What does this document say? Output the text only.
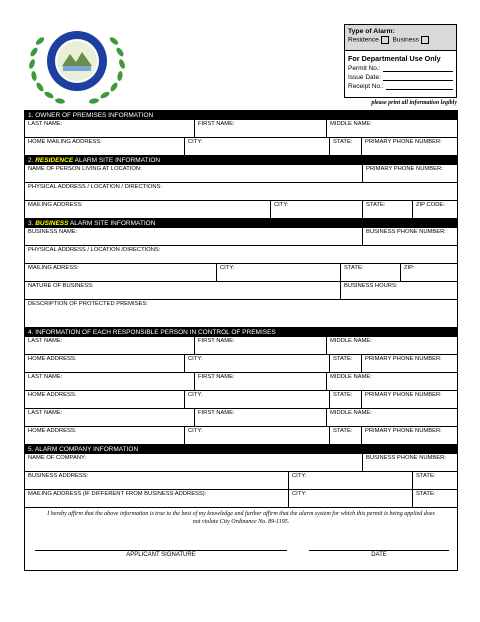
Type of Alarm:
Residence Business
For Departmental Use Only
Permit No.:
Issue Date:
Receipt No.:
please print all information legibly
1. OWNER OF PREMISES INFORMATION
LAST NAME:	FIRST NAME:	MIDDLE NAME:
HOME MAILING ADDRESS:	CITY:	STATE:	PRIMARY PHONE NUMBER:
2. RESIDENCE ALARM SITE INFORMATION
NAME OF PERSON LIVING AT LOCATION:	PRIMARY PHONE NUMBER:
PHYSICAL ADDRESS / LOCATION / DIRECTIONS:
MAILING ADDRESS:	CITY:	STATE:	ZIP CODE:
3. BUSINESS ALARM SITE INFORMATION
BUSINESS NAME:	BUSINESS PHONE NUMBER:
PHYSICAL ADDRESS / LOCATION /DIRECTIONS:
MAILING ADRESS:	CITY:	STATE:	ZIP:
NATURE OF BUSINESS:	BUSINESS HOURS:
DESCRIPTION OF PROTECTED PREMISES:
4. INFORMATION OF EACH RESPONSIBLE PERSON IN CONTROL OF PREMISES
LAST NAME:	FIRST NAME:	MIDDLE NAME:
HOME ADDRESS:	CITY:	STATE:	PRIMARY PHONE NUMBER:
LAST NAME:	FIRST NAME:	MIDDLE NAME:
HOME ADDRESS:	CITY:	STATE:	PRIMARY PHONE NUMBER:
LAST NAME:	FIRST NAME:	MIDDLE NAME:
HOME ADDRESS:	CITY:	STATE:	PRIMARY PHONE NUMBER:
5. ALARM COMPANY INFORMATION
NAME OF COMPANY:	BUSINESS PHONE NUMBER:
BUSINESS ADDRESS:	CITY:	STATE:
MAILING ADDRESS (IF DIFFERENT FROM BUSINESS ADDRESS):	CITY:	STATE:
I hereby affirm that the above information is true to the best of my knowledge and further affirm that the alarm system for which this permit is being applied does not violate City Ordinance No. 89-1195.
APPLICANT SIGNATURE	DATE
